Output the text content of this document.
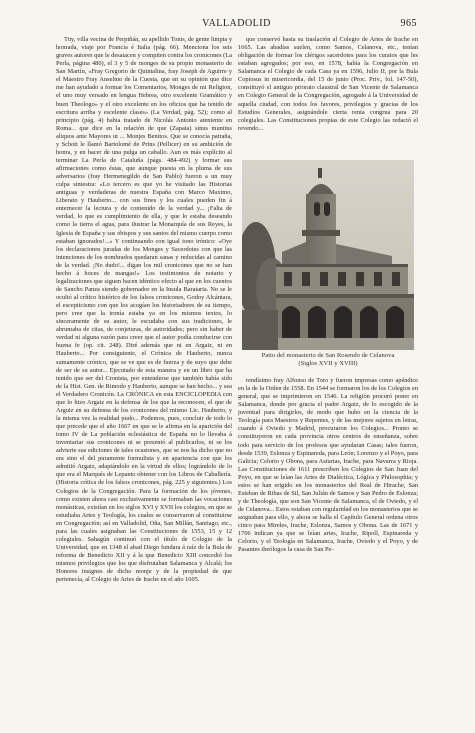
VALLADOLID	965

Tüy, villa vecina de Perpiñán, su apellido Tonis, de gente limpia y honrada, viaje por Francia é Italia (pág. 66). Menciona los seis graves autores que le desatacen y compiten contra los cronicones (La Perla, página 480), el 3 y 5 de monges de su propio monasterio de San Martín, «Fray Gregorio de Quintalina, fray Joseph de Aguirre y el Maestro Fray Anselmo de la Cuesta, que en su opinión que dice me han ayudado a formar los Comentarios, Monges de mi Religion, el uno muy versado en lengua Hebrea, otro excelente Gramático y buen Theologo» y el otro excelente en los oficios que ha tenido de escritura arriba y escelente clases» (La Verdad, pág. 52); como al principio (pág. 4) habia tratado de Nicolás Antonio ateniente en Roma... que dice en la relación de que (Zapata) sinus munitus aliquos ante Mayores ut ... Monjes Benitos. Que se conocía patraña, y Schott le llamó Bartolomé de Prins (Pellicer) en su ambición de honra, y en hacer de una pulga un caballo. Aun es más explícito al terminar La Perla de Cataluña (págs. 484-492) y formar sus afirmaciones como éstas, que aunque puesta en la pluma de sus adversarios (fray Hermenegildo de San Pablo) fueron a un muy culpa siniestra: «Lo tercero es que yo he visitado las Historias antiguas y verdaderas de nuestra España con Marco Maximo, Liberato y Hauberto... con sus fines y los cuales pueden fin á enternecer la lectura y de contenido de la verdad y... ¡Falta de verdad, lo que es cumplimiento de ella, y que lo estaba deseando como la tierra el agua, para ilustrar la Monarquía de sus Reyes, la Iglesia de España y sus obispos y sus santos del mismo cuerpo como estaban ignorados!...» Y continuando con igual tono irónico: «Oye los declaraciones juradas de los Monges y Sacerdotes con que las intenciones de los nombrados quedaran sanas y reducidas al camino de la verdad. ¡No dudo!... digan los mil cronicones que no se han hecho á hoces de mangas!» Los testimonios de notario y legalizaciones que siguen hacen idéntico efecto al que en los cuentos de Sancho Panza siendo gobernador en la Insula Barataria. No se le ocultó al crítico histórico de los falsos cronicones, Godoy Alcántara, el escepticismo con que los acogían los historiadores de su tiempo, pero cree que la ironía estaba ya en los mismos textos, lo sinceramente de su autor, le escudaba con sus tradiciones, le abrumaba de citas, de conjeturas, de autoridades; pero sin haber de verdad ni alguna razón para creer que el autor podía conducirse con buena fe (op. cit. 248). Diré además que ni en Argaiz, ni en Hauberto... Por consiguiente, el Crónica de Hauberto, nunca sumamente crónico, que se ve que es de fuerza y de suyo que debe de ser de su autor... Ejecutado de esta manera y en un libro que ha tenido que ser del Cronista, por entenderse que también había sido de la Hist. Gen. de Rimodo y Hauberto, aunque se han hecho... y sea el Verdadero Cronicón. La CRÓNICA en esta ENCICLOPEDIA con que lo hizo Argaiz en la defensa de los que la reconocen, el que de Arguiz en su defensa de los cronicones del mismo Lic. Hauberto, y la misma vez la realidad pudo... Podemos, pues, concluir de todo lo que precede que el año 1667 en que se le afirma en la aparición del tomo IV de La población eclesiástica de España no lo llevaba á inventariar sus cronicones ni se presentó al publicarlos, ni se los advierte sus ediciones de tales ocasiones, que se nos ha dicho que no era sino el del puramente formulista y en apariencia con que los admitió Argaiz, adaptándolo en la virtud de ellos; lográndolo de lo que era el Marqués de Lepanto obtener con los Libros de Caballería. (Historia crítica de los falsos cronicones, pág. 225 y siguientes.) Los Colegios de la Congregación. Para la formación de los jóvenes, como existen ahora casi exclusivamente se formaban las vocaciones monásticas, existían en los siglos XVI y XVII los colegios, en que se estudiaba Artes y Teología, los cuales se conservaron al constituirse en Congregación; así en Valladolid, Oña, San Millán, Santiago, etc., para las cuales asignaban las Constituciones de 1553, 15 y 12 colegiales. Sahagún continuó con el título de Colegio de la Universidad, que en 1348 el abad Diego fundara á raíz de la Bula de reforma de Benedicto XII y á la que Benedicto XIII concedió los mismos privilegios que los que disfrutaban Salamanca y Alcalá; los Honores insignes de dicho monje y de la propiedad de que pertenecía, al Colegio de Artes de Irache en el año 1605.

que conservó hasta su traslación al Colegio de Artes de Irache en 1665. Las abadías suelen, como Samos, Celanova, etc., tenían obligación de formar los clérigos sacerdotes para los curatos que les estaban agregados; por eso, en 1578, había la Congregación en Salamanca el Colegio de cada Casa ya en 1596, Julio II, por la Bula Copiosus in misericordia, del 15 de junio (Proc. Priv., fol. 147-50), constituyó el antiguo priorato claustral de San Vicente de Salamanca en Colegio General de la Congregación, agregado á la Universidad de aquella ciudad, con todos los favores, privilegios y gracias de los Estudios Generales, asignándole cierta renta congrua para 20 colegiales. Las Constituciones propias de este Colegio las redactó el revendo...

Patio del monasterio de San Rosendo de Celanova
(Siglos XVII y XVIII)

rendísimo fray Alfonso de Toro y fueron impresas como apéndice en la de la Orden de 1558. En 1544 se formaron los de los Colegios en general, que se imprimieron en 1546. La religión procuró poner en Salamanca, donde por gracia el padre Argaiz, de lo escogido de la juventud para dirigirlos, de modo que hubo en la ciencia de la Teología para Maestros y Repentes, y de las mejores sujetos en letras, cuando á Oviedo y Madrid, procuraron los Colegios... Pronto se constituyeron en cada provincia otros centros de enseñanza, sobre todo para servicio de los profesos que ayudaran Casas; tales fueron, desde 1539, Eslonza y Espinareda, para León; Lorenzo y el Poyo, para Galicia; Celorio y Obona, para Asturias, Irache, para Navarra y Rioja. Las Constituciones de 1611 prescriben los Colegios de San Juan del Poyo, en que se leían las Artes de Dialéctica, Lógica y Philosophia; y estos se han erigido en los monasterios del Real de Hirache, San Esteban de Ribas de Sil, San Julián de Samos y San Pedro de Eslonza; y de Theología, que son San Vicente de Salamanca, el de Oviedo, y el de Celanova... Estos estaban con regularidad en los monasterios que se asignaban para ello, y ahora se halla el Capítulo General ordena otros cinco para Mireles, Irache, Eslonza, Samos y Obona. Las de 1671 y 1706 indican ya que se leían artes, Irache, Ripoll, Espinareda y Celorio, y el Teología en Salamanca, Irache, Oviedo y el Poyo, y de Pasantes theólogos la casa de San Pe-
